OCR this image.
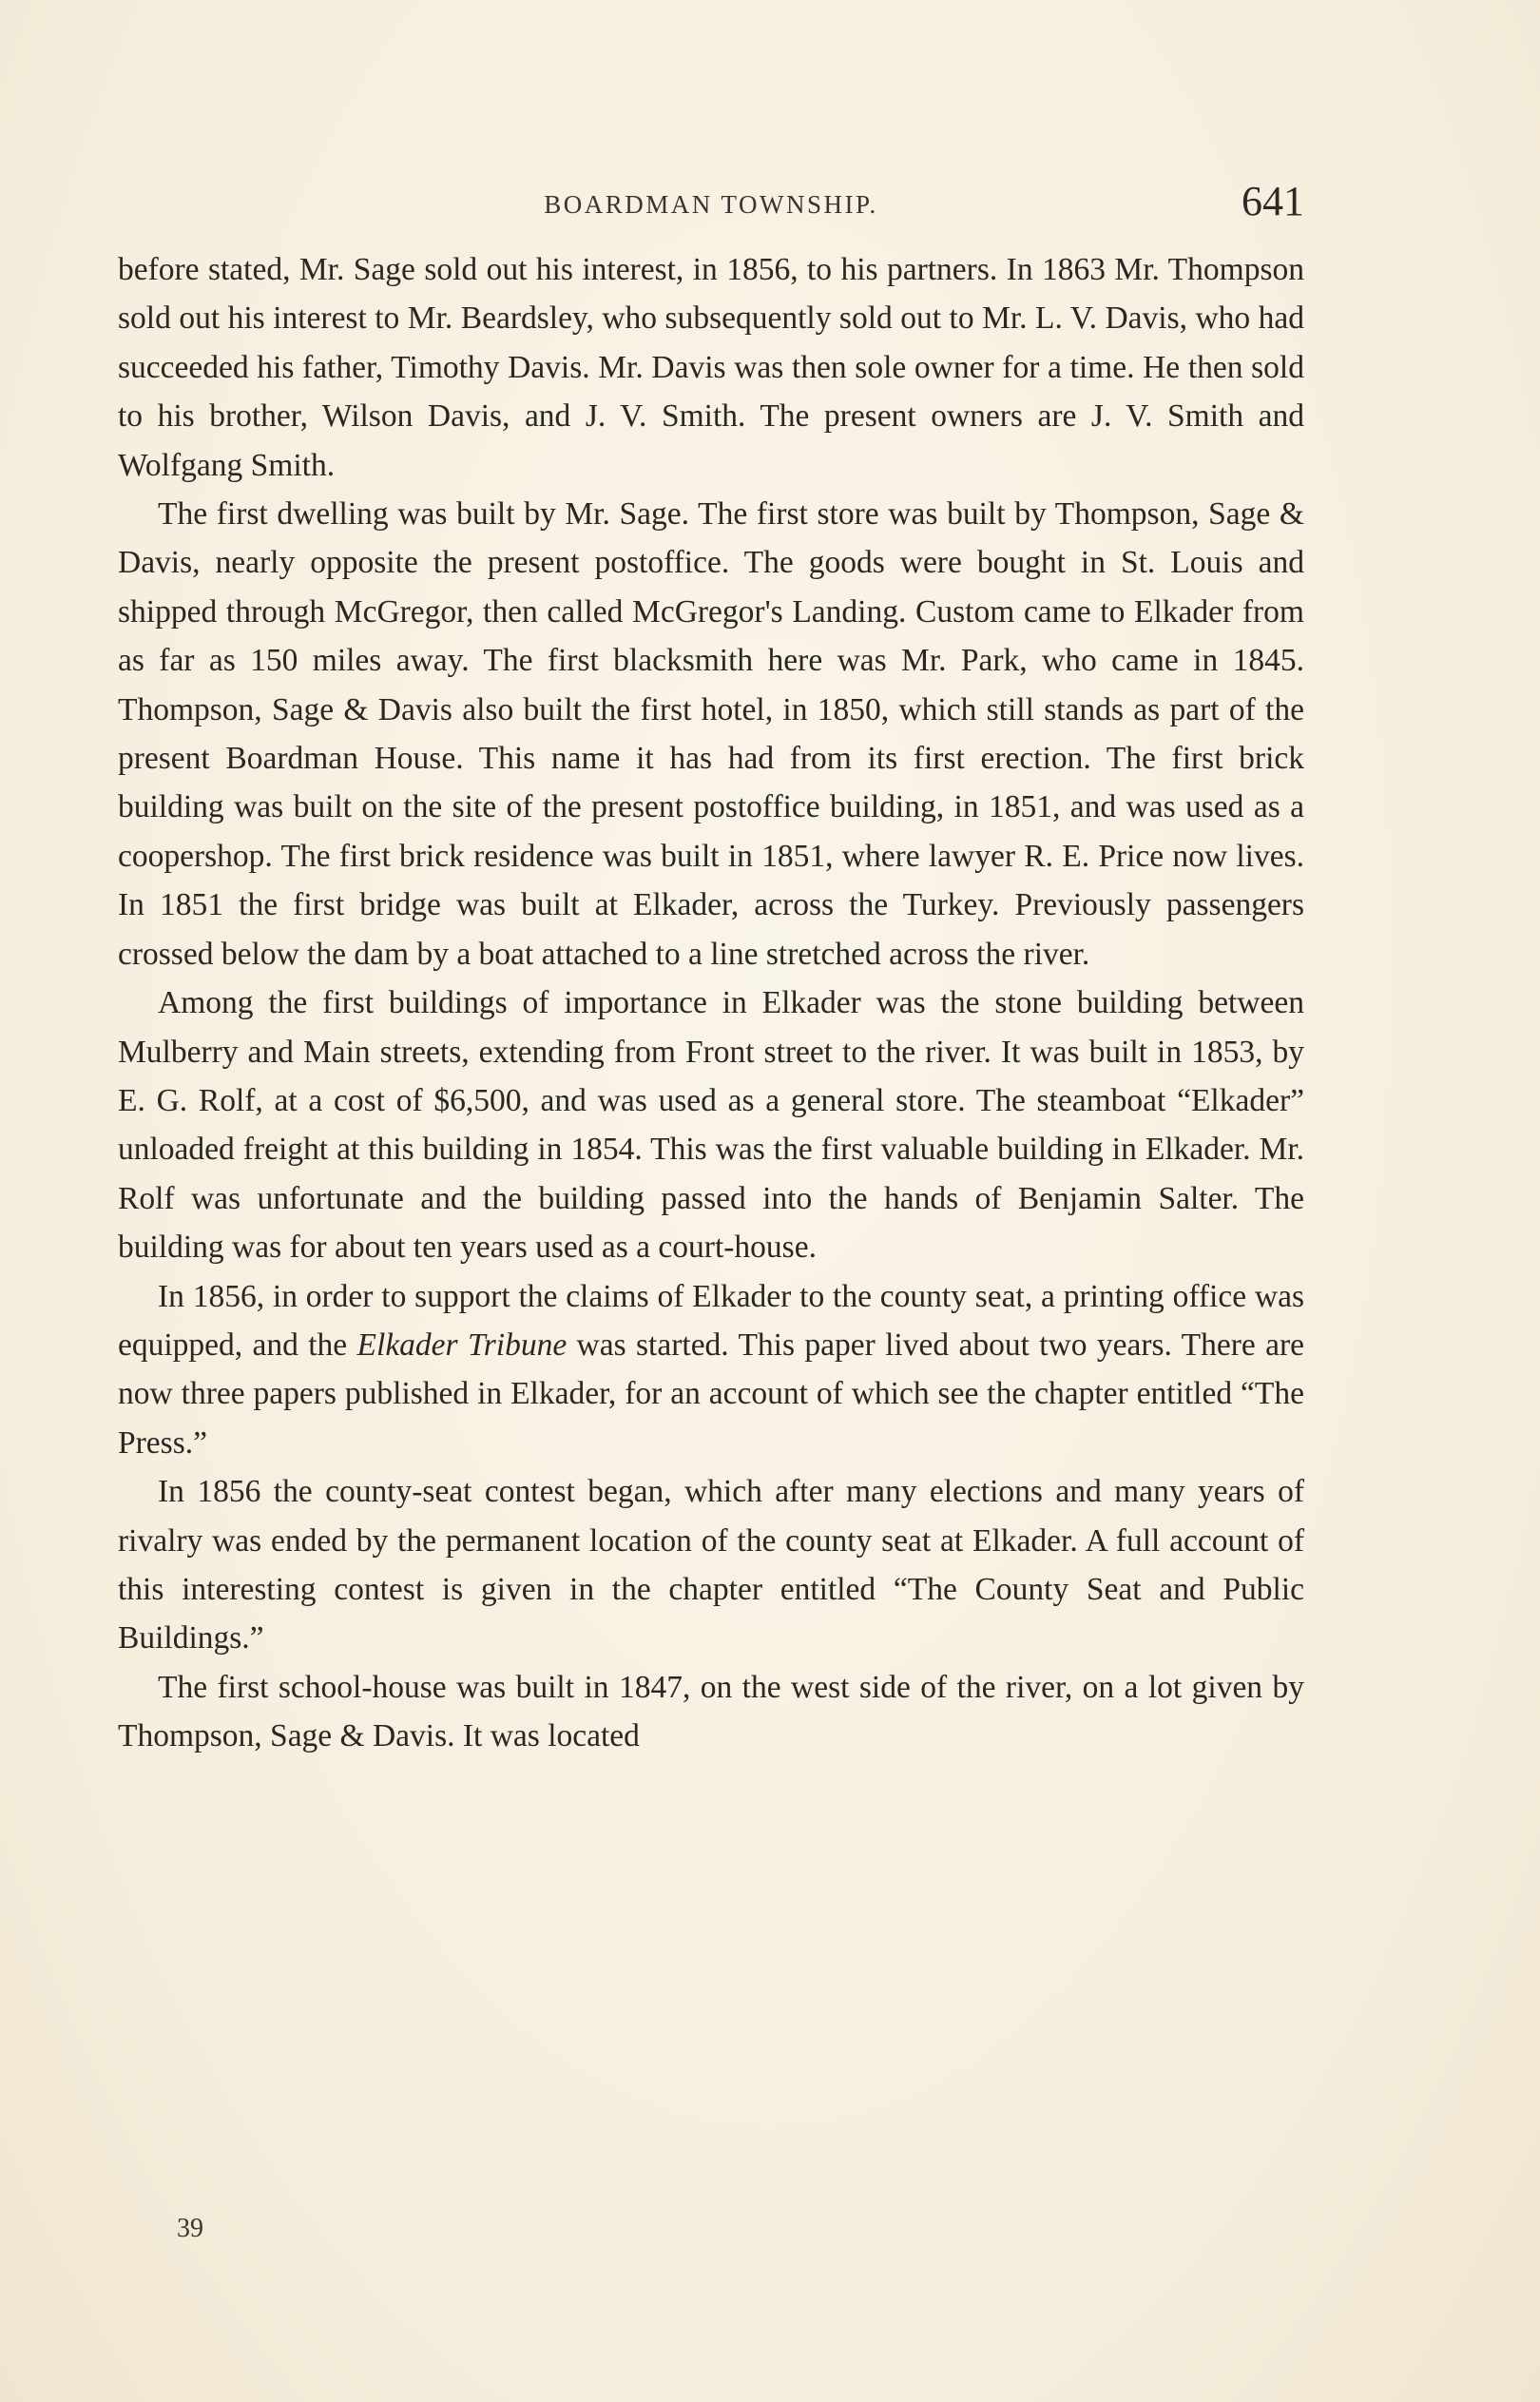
BOARDMAN TOWNSHIP.	641

before stated, Mr. Sage sold out his interest, in 1856, to his partners. In 1863 Mr. Thompson sold out his interest to Mr. Beardsley, who subsequently sold out to Mr. L. V. Davis, who had succeeded his father, Timothy Davis. Mr. Davis was then sole owner for a time. He then sold to his brother, Wilson Davis, and J. V. Smith. The present owners are J. V. Smith and Wolfgang Smith.

The first dwelling was built by Mr. Sage. The first store was built by Thompson, Sage & Davis, nearly opposite the present postoffice. The goods were bought in St. Louis and shipped through McGregor, then called McGregor's Landing. Custom came to Elkader from as far as 150 miles away. The first blacksmith here was Mr. Park, who came in 1845. Thompson, Sage & Davis also built the first hotel, in 1850, which still stands as part of the present Boardman House. This name it has had from its first erection. The first brick building was built on the site of the present postoffice building, in 1851, and was used as a coopershop. The first brick residence was built in 1851, where lawyer R. E. Price now lives. In 1851 the first bridge was built at Elkader, across the Turkey. Previously passengers crossed below the dam by a boat attached to a line stretched across the river.

Among the first buildings of importance in Elkader was the stone building between Mulberry and Main streets, extending from Front street to the river. It was built in 1853, by E. G. Rolf, at a cost of $6,500, and was used as a general store. The steamboat “Elkader” unloaded freight at this building in 1854. This was the first valuable building in Elkader. Mr. Rolf was unfortunate and the building passed into the hands of Benjamin Salter. The building was for about ten years used as a court-house.

In 1856, in order to support the claims of Elkader to the county seat, a printing office was equipped, and the Elkader Tribune was started. This paper lived about two years. There are now three papers published in Elkader, for an account of which see the chapter entitled “The Press.”

In 1856 the county-seat contest began, which after many elections and many years of rivalry was ended by the permanent location of the county seat at Elkader. A full account of this interesting contest is given in the chapter entitled “The County Seat and Public Buildings.”

The first school-house was built in 1847, on the west side of the river, on a lot given by Thompson, Sage & Davis. It was located

39
